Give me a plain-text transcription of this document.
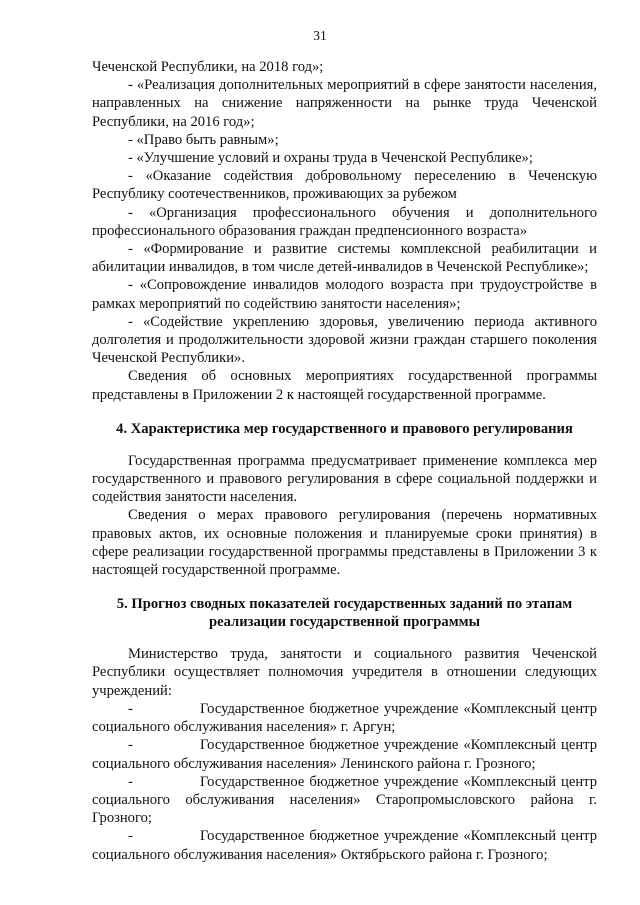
31

Чеченской Республики, на 2018 год»;

- «Реализация дополнительных мероприятий в сфере занятости населения, направленных на снижение напряженности на рынке труда Чеченской Республики, на 2016 год»;

- «Право быть равным»;

- «Улучшение условий и охраны труда в Чеченской Республике»;

- «Оказание содействия добровольному переселению в Чеченскую Республику соотечественников, проживающих за рубежом

- «Организация профессионального обучения и дополнительного профессионального образования граждан предпенсионного возраста»

- «Формирование и развитие системы комплексной реабилитации и абилитации инвалидов, в том числе детей-инвалидов в Чеченской Республике»;

- «Сопровождение инвалидов молодого возраста при трудоустройстве в рамках мероприятий по содействию занятости населения»;

- «Содействие укреплению здоровья, увеличению периода активного долголетия и продолжительности здоровой жизни граждан старшего поколения Чеченской Республики».

Сведения об основных мероприятиях государственной программы представлены в Приложении 2 к настоящей государственной программе.

4. Характеристика мер государственного и правового регулирования

Государственная программа предусматривает применение комплекса мер государственного и правового регулирования в сфере социальной поддержки и содействия занятости населения.

Сведения о мерах правового регулирования (перечень нормативных правовых актов, их основные положения и планируемые сроки принятия) в сфере реализации государственной программы представлены в Приложении 3 к настоящей государственной программе.

5. Прогноз сводных показателей государственных заданий по этапам реализации государственной программы

Министерство труда, занятости и социального развития Чеченской Республики осуществляет полномочия учредителя в отношении следующих учреждений:

-	Государственное бюджетное учреждение «Комплексный центр социального обслуживания населения» г. Аргун;

-	Государственное бюджетное учреждение «Комплексный центр социального обслуживания населения» Ленинского района г. Грозного;

-	Государственное бюджетное учреждение «Комплексный центр социального обслуживания населения» Старопромысловского района г. Грозного;

-	Государственное бюджетное учреждение «Комплексный центр социального обслуживания населения» Октябрьского района г. Грозного;
